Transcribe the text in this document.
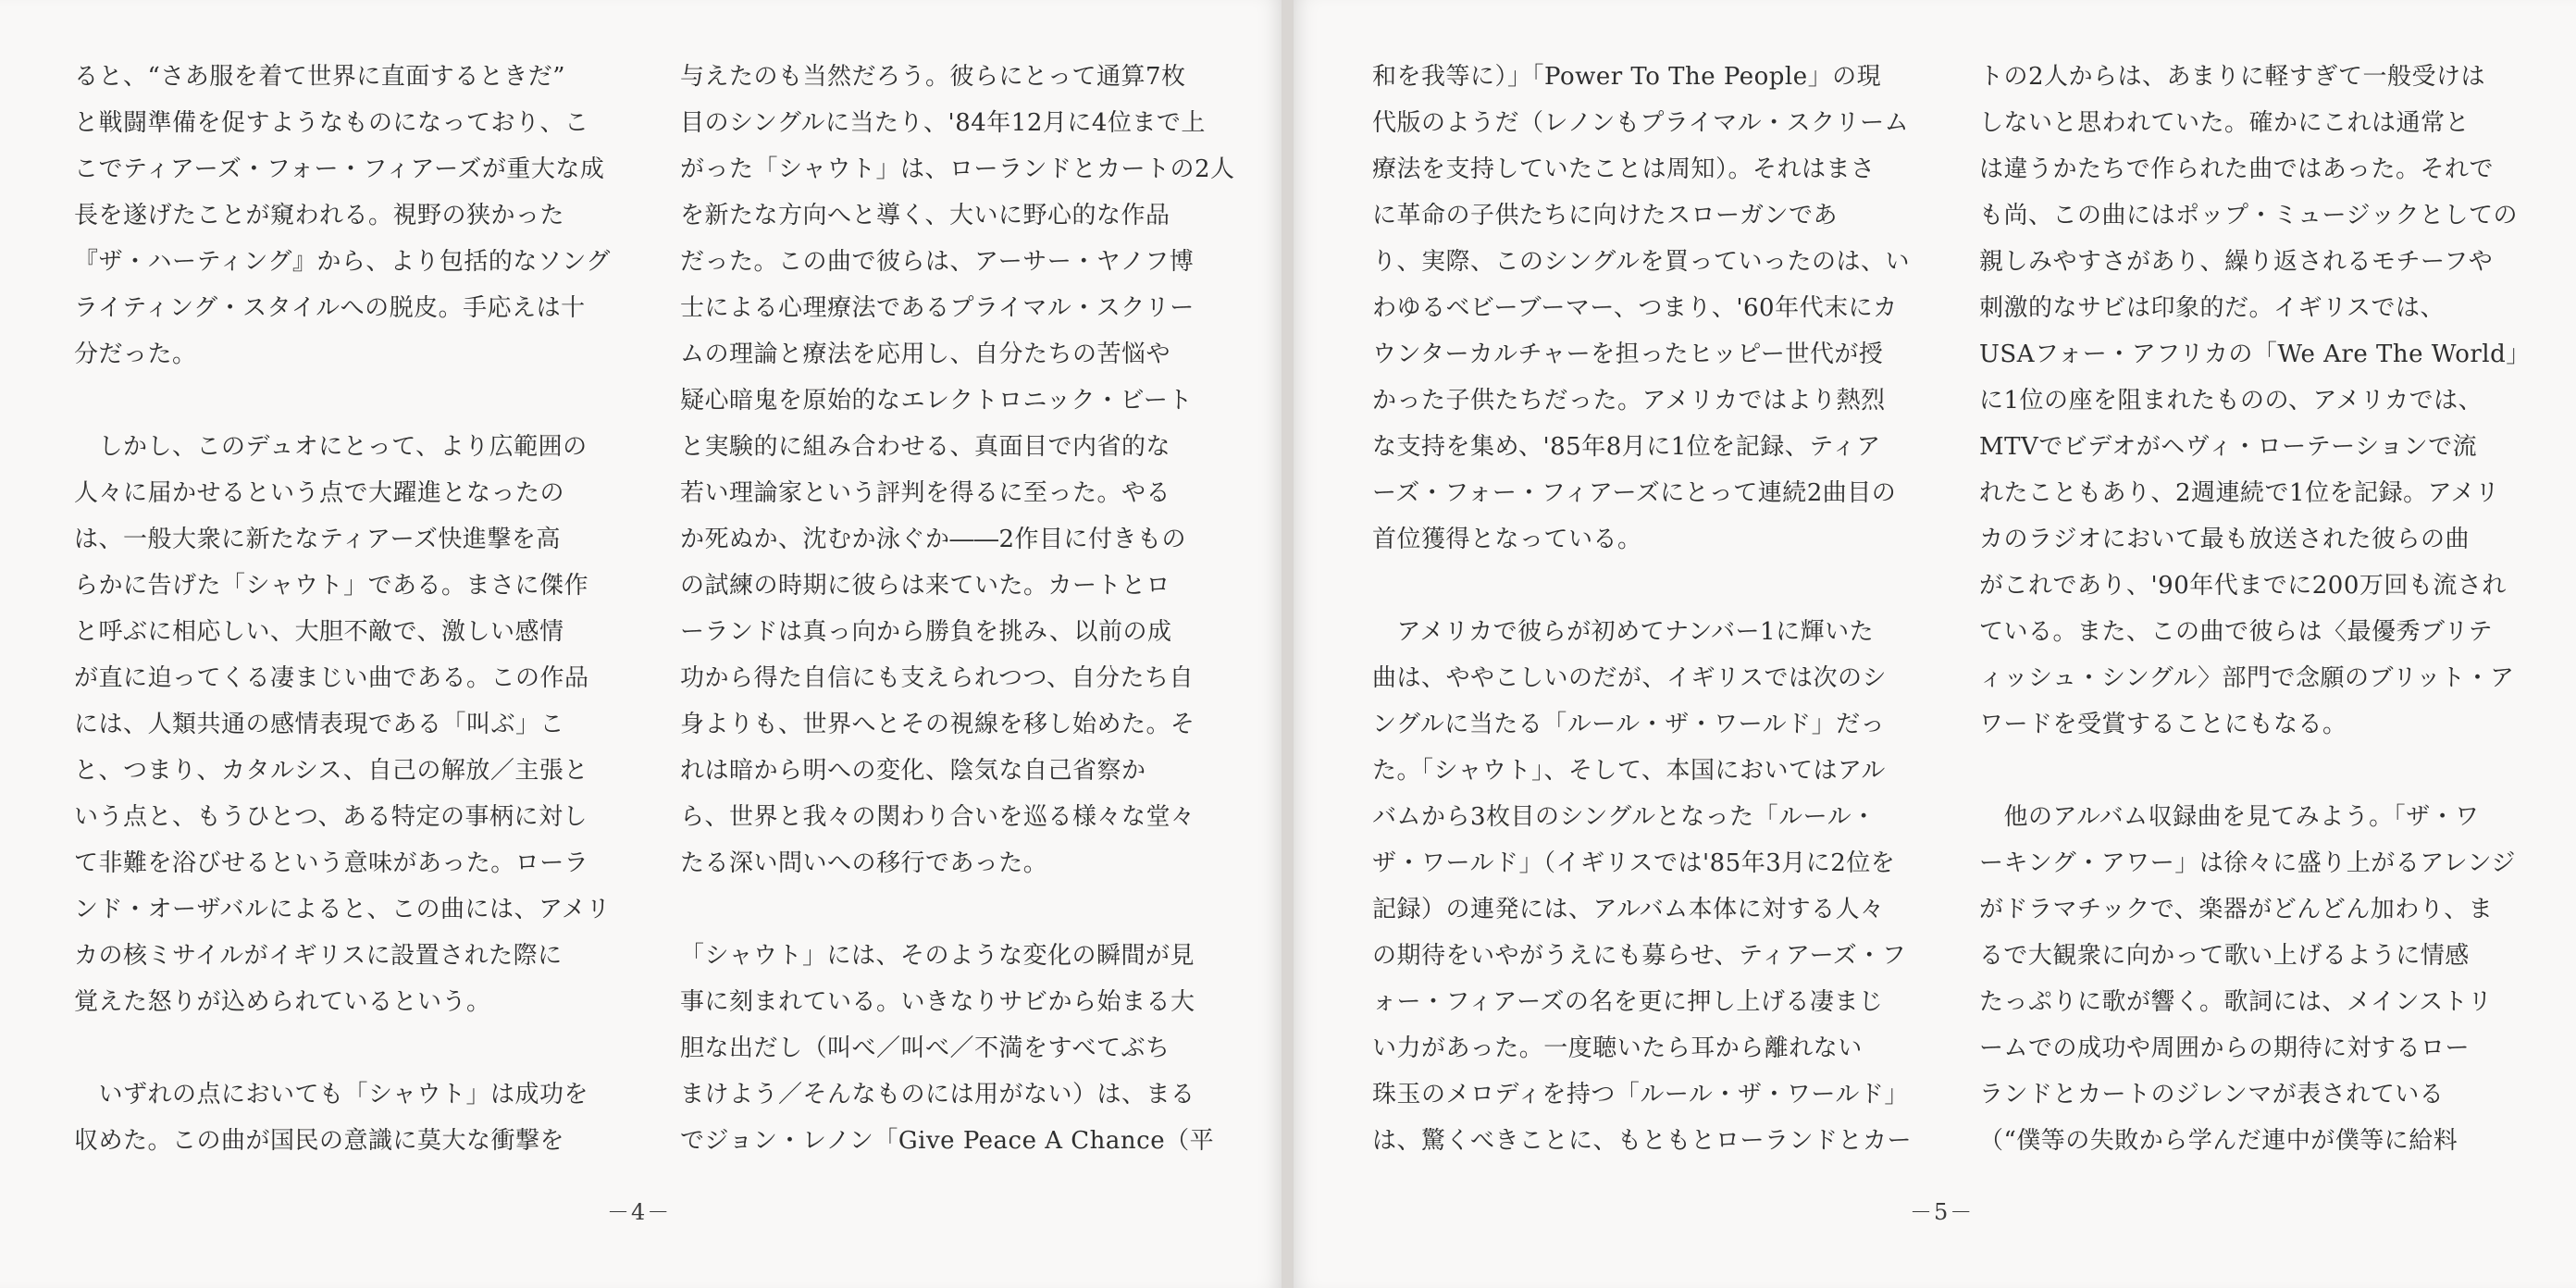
ると、“さあ服を着て世界に直面するときだ”
と戦闘準備を促すようなものになっており、こ
こでティアーズ・フォー・フィアーズが重大な成
長を遂げたことが窺われる。視野の狭かった
『ザ・ハーティング』から、より包括的なソング
ライティング・スタイルへの脱皮。手応えは十
分だった。
　しかし、このデュオにとって、より広範囲の
人々に届かせるという点で大躍進となったの
は、一般大衆に新たなティアーズ快進撃を高
らかに告げた「シャウト」である。まさに傑作
と呼ぶに相応しい、大胆不敵で、激しい感情
が直に迫ってくる凄まじい曲である。この作品
には、人類共通の感情表現である「叫ぶ」こ
と、つまり、カタルシス、自己の解放／主張と
いう点と、もうひとつ、ある特定の事柄に対し
て非難を浴びせるという意味があった。ローラ
ンド・オーザバルによると、この曲には、アメリ
カの核ミサイルがイギリスに設置された際に
覚えた怒りが込められているという。
　いずれの点においても「シャウト」は成功を
収めた。この曲が国民の意識に莫大な衝撃を
与えたのも当然だろう。彼らにとって通算7枚
目のシングルに当たり、'84年12月に4位まで上
がった「シャウト」は、ローランドとカートの2人
を新たな方向へと導く、大いに野心的な作品
だった。この曲で彼らは、アーサー・ヤノフ博
士による心理療法であるプライマル・スクリー
ムの理論と療法を応用し、自分たちの苦悩や
疑心暗鬼を原始的なエレクトロニック・ビート
と実験的に組み合わせる、真面目で内省的な
若い理論家という評判を得るに至った。やる
か死ぬか、沈むか泳ぐか――2作目に付きもの
の試練の時期に彼らは来ていた。カートとロ
ーランドは真っ向から勝負を挑み、以前の成
功から得た自信にも支えられつつ、自分たち自
身よりも、世界へとその視線を移し始めた。そ
れは暗から明への変化、陰気な自己省察か
ら、世界と我々の関わり合いを巡る様々な堂々
たる深い問いへの移行であった。
「シャウト」には、そのような変化の瞬間が見
事に刻まれている。いきなりサビから始まる大
胆な出だし（叫べ／叫べ／不満をすべてぶち
まけよう／そんなものには用がない）は、まる
でジョン・レノン「Give Peace A Chance（平
－4－
和を我等に）」「Power To The People」の現
代版のようだ（レノンもプライマル・スクリーム
療法を支持していたことは周知）。それはまさ
に革命の子供たちに向けたスローガンであ
り、実際、このシングルを買っていったのは、い
わゆるベビーブーマー、つまり、'60年代末にカ
ウンターカルチャーを担ったヒッピー世代が授
かった子供たちだった。アメリカではより熱烈
な支持を集め、'85年8月に1位を記録、ティア
ーズ・フォー・フィアーズにとって連続2曲目の
首位獲得となっている。
　アメリカで彼らが初めてナンバー1に輝いた
曲は、ややこしいのだが、イギリスでは次のシ
ングルに当たる「ルール・ザ・ワールド」だっ
た。「シャウト」、そして、本国においてはアル
バムから3枚目のシングルとなった「ルール・
ザ・ワールド」（イギリスでは'85年3月に2位を
記録）の連発には、アルバム本体に対する人々
の期待をいやがうえにも募らせ、ティアーズ・フ
ォー・フィアーズの名を更に押し上げる凄まじ
い力があった。一度聴いたら耳から離れない
珠玉のメロディを持つ「ルール・ザ・ワールド」
は、驚くべきことに、もともとローランドとカー
トの2人からは、あまりに軽すぎて一般受けは
しないと思われていた。確かにこれは通常と
は違うかたちで作られた曲ではあった。それで
も尚、この曲にはポップ・ミュージックとしての
親しみやすさがあり、繰り返されるモチーフや
刺激的なサビは印象的だ。イギリスでは、
USAフォー・アフリカの「We Are The World」
に1位の座を阻まれたものの、アメリカでは、
MTVでビデオがヘヴィ・ローテーションで流
れたこともあり、2週連続で1位を記録。アメリ
カのラジオにおいて最も放送された彼らの曲
がこれであり、'90年代までに200万回も流され
ている。また、この曲で彼らは〈最優秀ブリテ
ィッシュ・シングル〉部門で念願のブリット・ア
ワードを受賞することにもなる。
　他のアルバム収録曲を見てみよう。「ザ・ワ
ーキング・アワー」は徐々に盛り上がるアレンジ
がドラマチックで、楽器がどんどん加わり、ま
るで大観衆に向かって歌い上げるように情感
たっぷりに歌が響く。歌詞には、メインストリ
ームでの成功や周囲からの期待に対するロー
ランドとカートのジレンマが表されている
（“僕等の失敗から学んだ連中が僕等に給料
－5－
